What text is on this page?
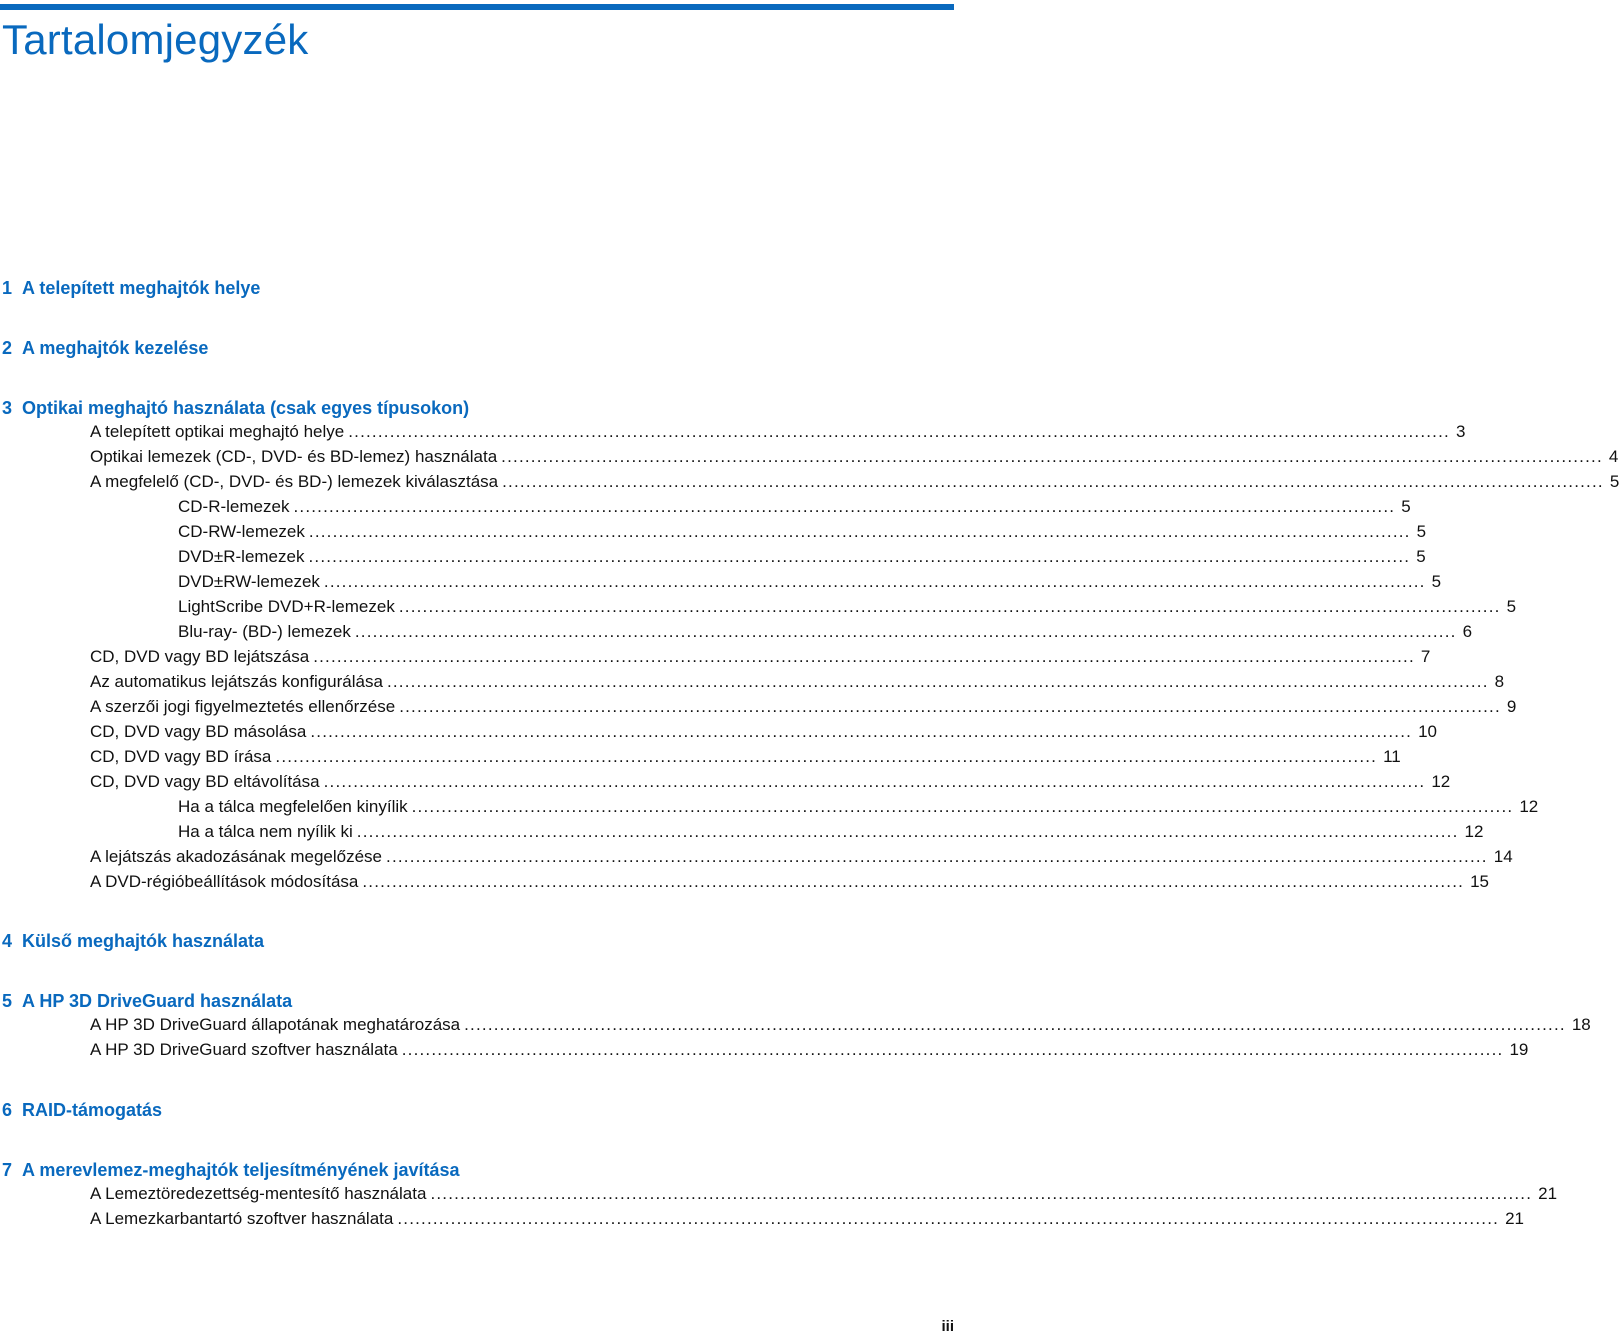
Tartalomjegyzék
1 A telepített meghajtók helye
2 A meghajtók kezelése
3 Optikai meghajtó használata (csak egyes típusokon)
A telepített optikai meghajtó helye .......................................................................................................................................................................................... 3
Optikai lemezek (CD-, DVD- és BD-lemez) használata .......................................................................................................................................................................................... 4
A megfelelő (CD-, DVD- és BD-) lemezek kiválasztása .......................................................................................................................................................................................... 5
CD-R-lemezek .......................................................................................................................................................................................... 5
CD-RW-lemezek .......................................................................................................................................................................................... 5
DVD±R-lemezek .......................................................................................................................................................................................... 5
DVD±RW-lemezek .......................................................................................................................................................................................... 5
LightScribe DVD+R-lemezek .......................................................................................................................................................................................... 5
Blu-ray- (BD-) lemezek .......................................................................................................................................................................................... 6
CD, DVD vagy BD lejátszása .......................................................................................................................................................................................... 7
Az automatikus lejátszás konfigurálása .......................................................................................................................................................................................... 8
A szerzői jogi figyelmeztetés ellenőrzése .......................................................................................................................................................................................... 9
CD, DVD vagy BD másolása .......................................................................................................................................................................................... 10
CD, DVD vagy BD írása .......................................................................................................................................................................................... 11
CD, DVD vagy BD eltávolítása .......................................................................................................................................................................................... 12
Ha a tálca megfelelően kinyílik .......................................................................................................................................................................................... 12
Ha a tálca nem nyílik ki .......................................................................................................................................................................................... 12
A lejátszás akadozásának megelőzése .......................................................................................................................................................................................... 14
A DVD-régióbeállítások módosítása .......................................................................................................................................................................................... 15
4 Külső meghajtók használata
5 A HP 3D DriveGuard használata
A HP 3D DriveGuard állapotának meghatározása .......................................................................................................................................................................................... 18
A HP 3D DriveGuard szoftver használata .......................................................................................................................................................................................... 19
6 RAID-támogatás
7 A merevlemez-meghajtók teljesítményének javítása
A Lemeztöredezettség-mentesítő használata .......................................................................................................................................................................................... 21
A Lemezkarbantartó szoftver használata .......................................................................................................................................................................................... 21
iii
